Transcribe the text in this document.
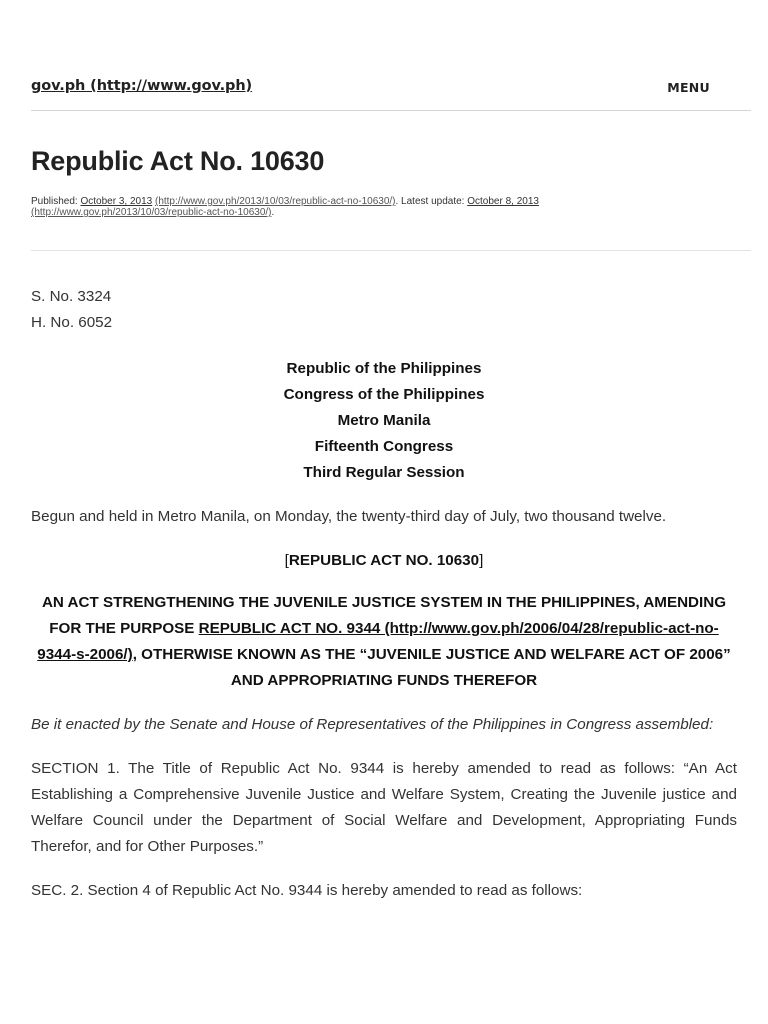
gov.ph (http://www.gov.ph)	MENU
Republic Act No. 10630
Published: October 3, 2013 (http://www.gov.ph/2013/10/03/republic-act-no-10630/). Latest update: October 8, 2013 (http://www.gov.ph/2013/10/03/republic-act-no-10630/).

S. No. 3324

H. No. 6052

Republic of the Philippines
Congress of the Philippines
Metro Manila
Fifteenth Congress
Third Regular Session

Begun and held in Metro Manila, on Monday, the twenty-third day of July, two thousand twelve.

[REPUBLIC ACT NO. 10630]

AN ACT STRENGTHENING THE JUVENILE JUSTICE SYSTEM IN THE PHILIPPINES, AMENDING FOR THE PURPOSE REPUBLIC ACT NO. 9344 (http://www.gov.ph/2006/04/28/republic-act-no-9344-s-2006/), OTHERWISE KNOWN AS THE “JUVENILE JUSTICE AND WELFARE ACT OF 2006” AND APPROPRIATING FUNDS THEREFOR

Be it enacted by the Senate and House of Representatives of the Philippines in Congress assembled:

SECTION 1. The Title of Republic Act No. 9344 is hereby amended to read as follows: “An Act Establishing a Comprehensive Juvenile Justice and Welfare System, Creating the Juvenile justice and Welfare Council under the Department of Social Welfare and Development, Appropriating Funds Therefor, and for Other Purposes.”

SEC. 2. Section 4 of Republic Act No. 9344 is hereby amended to read as follows:
